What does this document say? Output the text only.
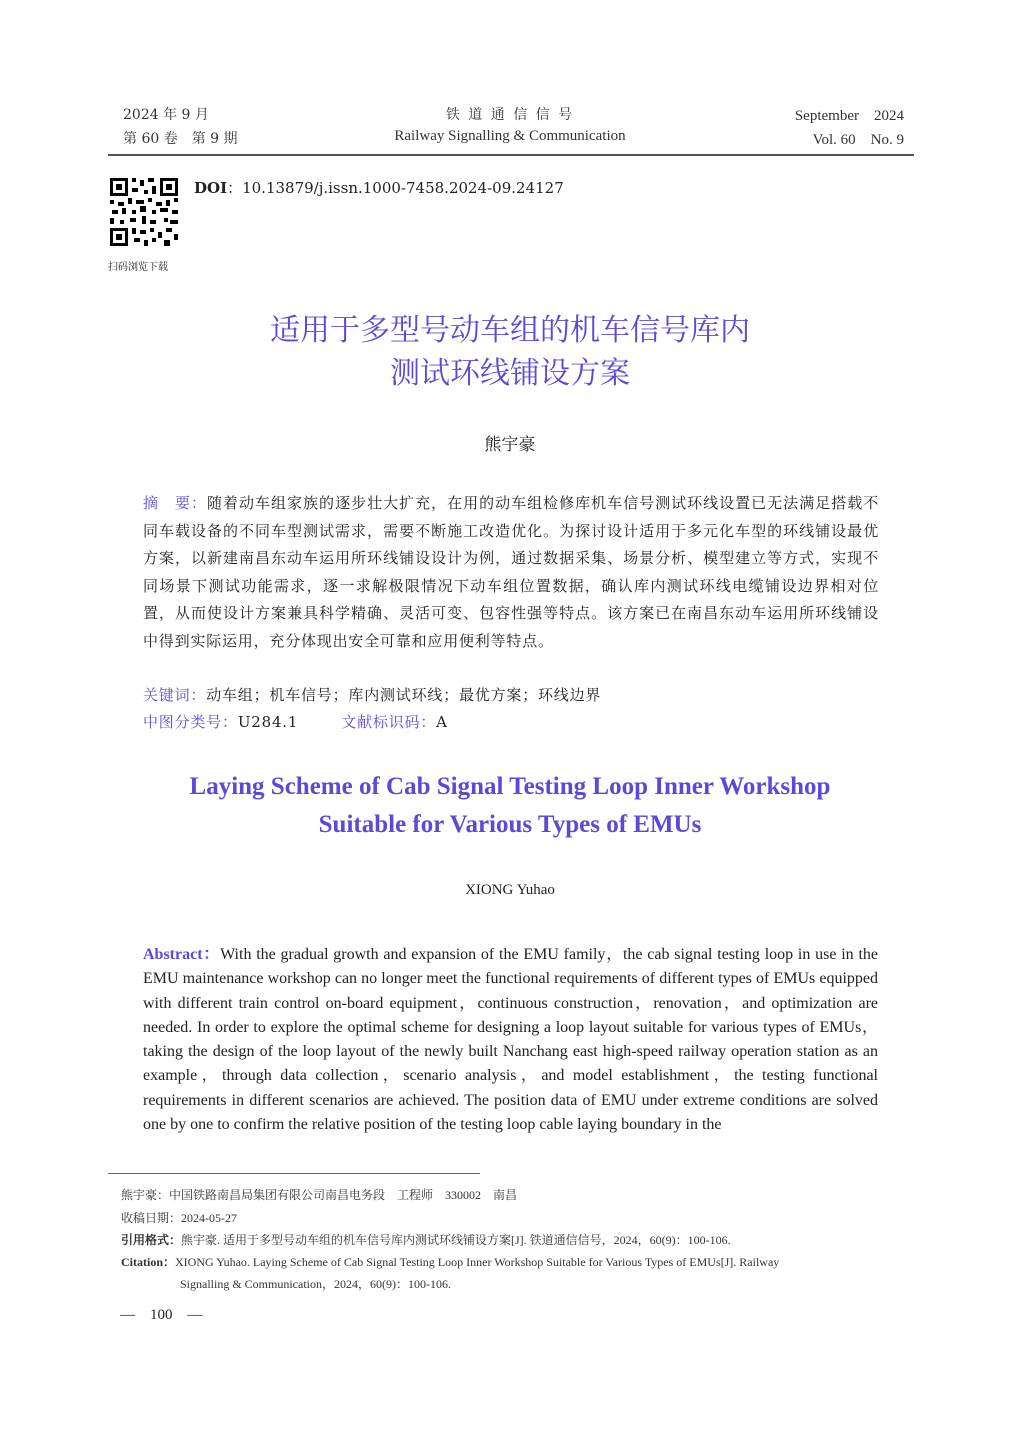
2024 年 9 月
第 60 卷　第 9 期
铁 道 通 信 信 号
Railway Signalling & Communication
September　2024
Vol. 60　No. 9
扫码浏览下载
DOI：10.13879/j.issn.1000-7458.2024-09.24127
适用于多型号动车组的机车信号库内
测试环线铺设方案
熊宇豪
摘　要：随着动车组家族的逐步壮大扩充，在用的动车组检修库机车信号测试环线设置已无法满足搭载不同车载设备的不同车型测试需求，需要不断施工改造优化。为探讨设计适用于多元化车型的环线铺设最优方案，以新建南昌东动车运用所环线铺设设计为例，通过数据采集、场景分析、模型建立等方式，实现不同场景下测试功能需求，逐一求解极限情况下动车组位置数据，确认库内测试环线电缆铺设边界相对位置，从而使设计方案兼具科学精确、灵活可变、包容性强等特点。该方案已在南昌东动车运用所环线铺设中得到实际运用，充分体现出安全可靠和应用便利等特点。
关键词：动车组；机车信号；库内测试环线；最优方案；环线边界
中图分类号：U284.1	文献标识码：A
Laying Scheme of Cab Signal Testing Loop Inner Workshop
Suitable for Various Types of EMUs
XIONG Yuhao
Abstract：With the gradual growth and expansion of the EMU family，the cab signal testing loop in use in the EMU maintenance workshop can no longer meet the functional requirements of different types of EMUs equipped with different train control on-board equipment，continuous construction，renovation，and optimization are needed. In order to explore the optimal scheme for designing a loop layout suitable for various types of EMUs，taking the design of the loop layout of the newly built Nanchang east high-speed railway operation station as an example，through data collection，scenario analysis，and model establishment，the testing functional requirements in different scenarios are achieved. The position data of EMU under extreme conditions are solved one by one to confirm the relative position of the testing loop cable laying boundary in the
熊宇豪：中国铁路南昌局集团有限公司南昌电务段　工程师　330002　南昌
收稿日期：2024-05-27
引用格式：熊宇豪. 适用于多型号动车组的机车信号库内测试环线铺设方案[J]. 铁道通信信号，2024，60(9)：100-106.
Citation：XIONG Yuhao. Laying Scheme of Cab Signal Testing Loop Inner Workshop Suitable for Various Types of EMUs[J]. Railway
Signalling & Communication，2024，60(9)：100-106.
—　100　—
